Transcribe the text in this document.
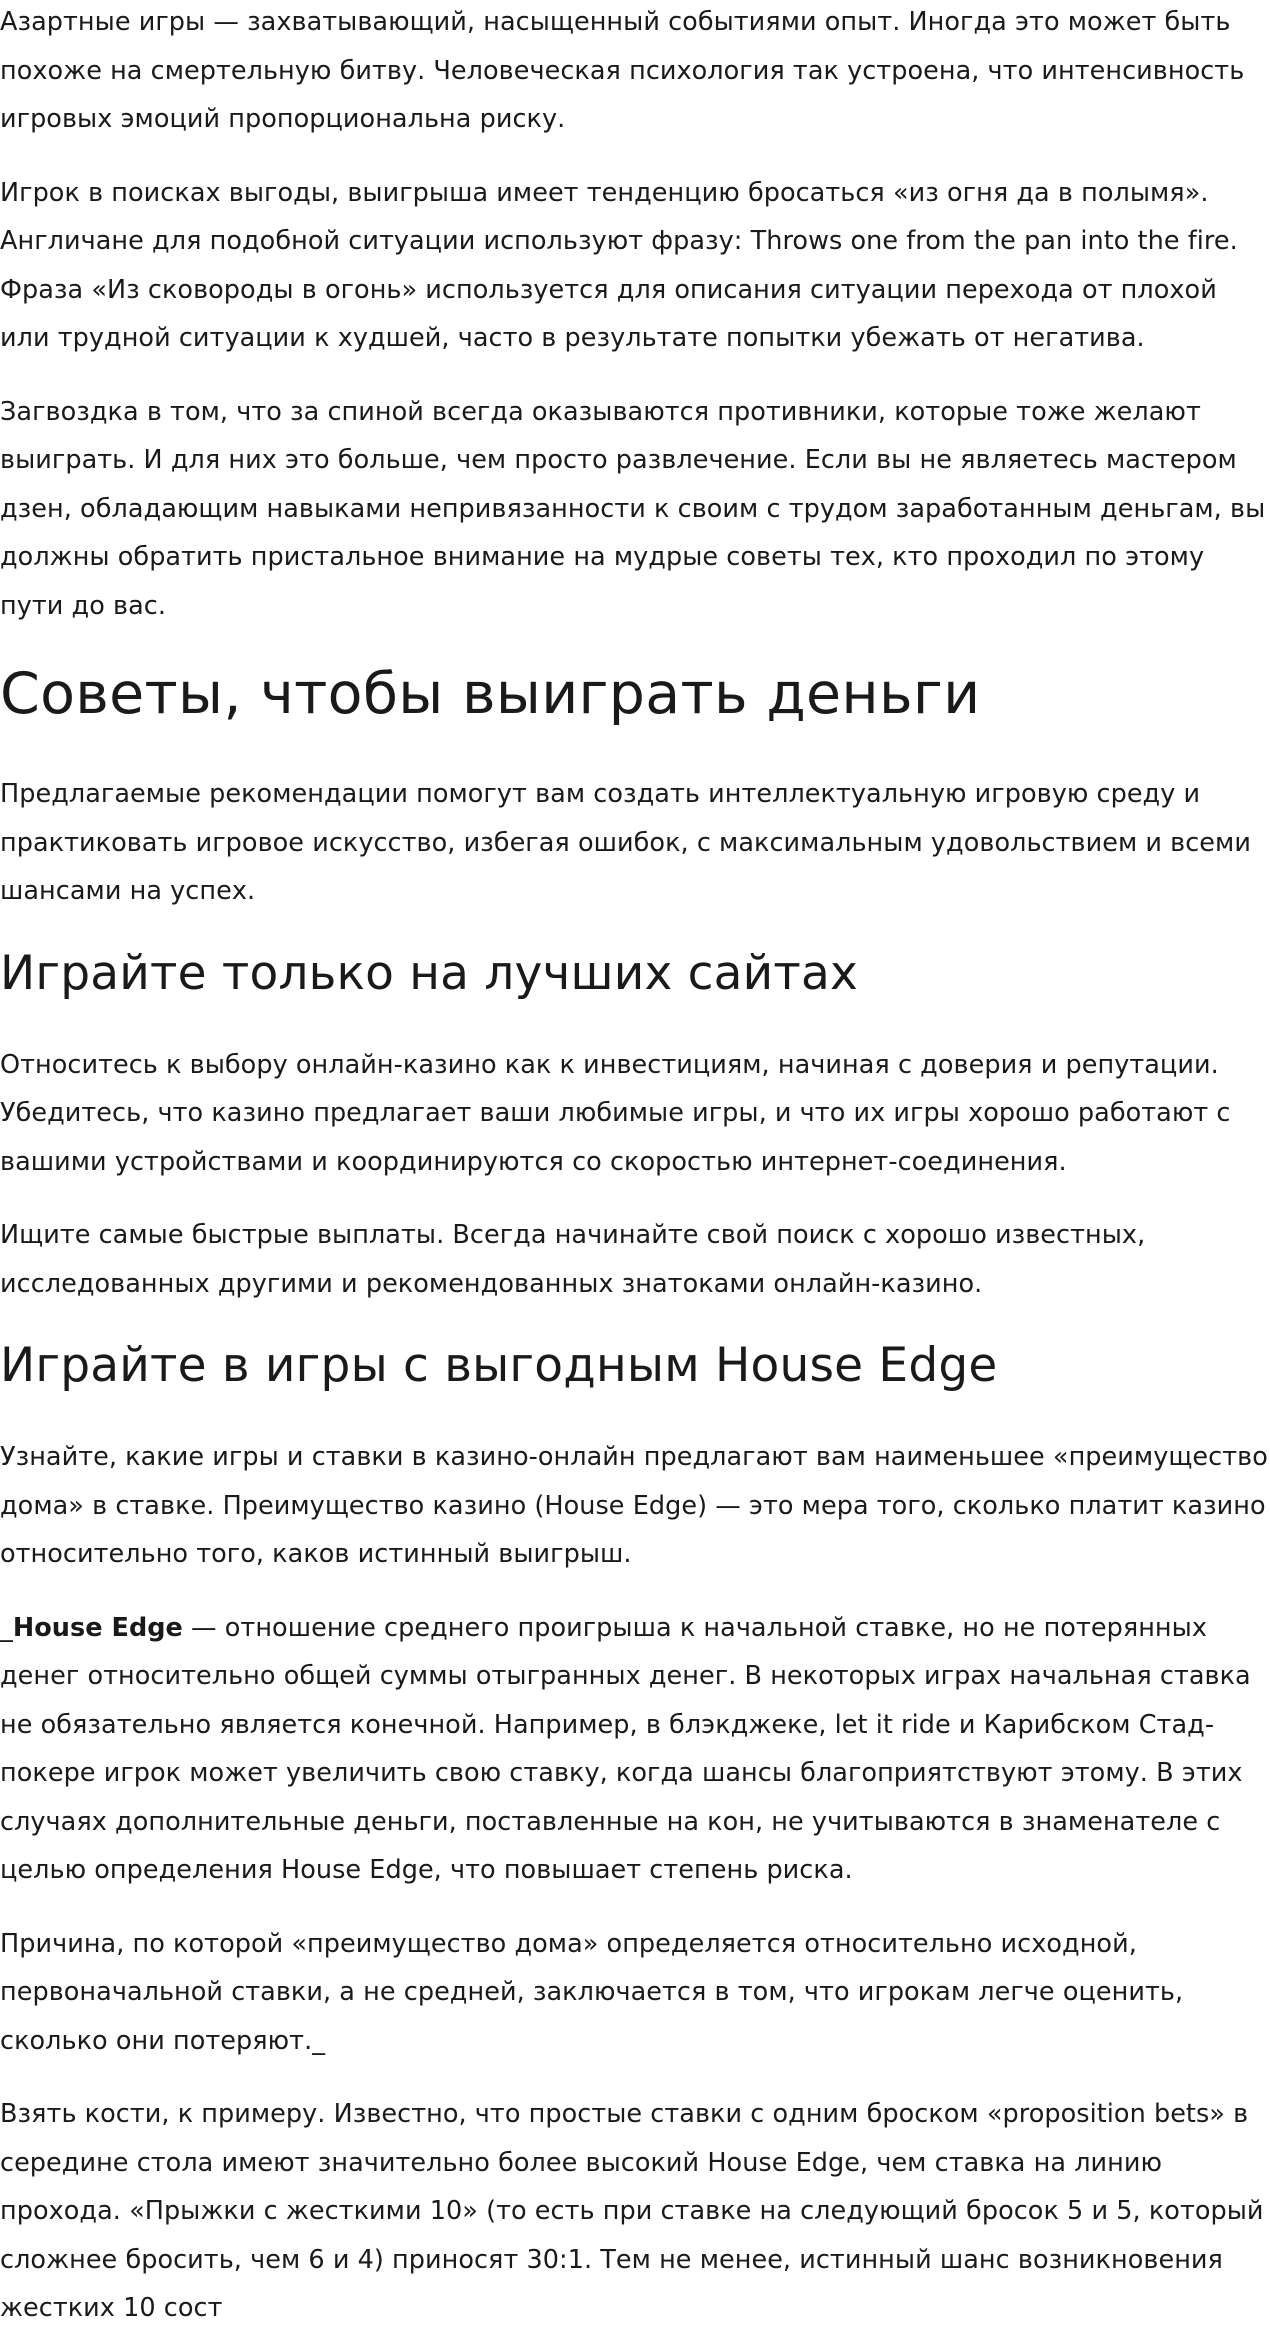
Азартные игры — захватывающий, насыщенный событиями опыт. Иногда это может быть похоже на смертельную битву. Человеческая психология так устроена, что интенсивность игровых эмоций пропорциональна риску.

Игрок в поисках выгоды, выигрыша имеет тенденцию бросаться «из огня да в полымя». Англичане для подобной ситуации используют фразу: Throws one from the pan into the fire. Фраза «Из сковороды в огонь» используется для описания ситуации перехода от плохой или трудной ситуации к худшей, часто в результате попытки убежать от негатива.

Загвоздка в том, что за спиной всегда оказываются противники, которые тоже желают выиграть. И для них это больше, чем просто развлечение. Если вы не являетесь мастером дзен, обладающим навыками непривязанности к своим с трудом заработанным деньгам, вы должны обратить пристальное внимание на мудрые советы тех, кто проходил по этому пути до вас.

Советы, чтобы выиграть деньги

Предлагаемые рекомендации помогут вам создать интеллектуальную игровую среду и практиковать игровое искусство, избегая ошибок, с максимальным удовольствием и всеми шансами на успех.

Играйте только на лучших сайтах

Относитесь к выбору онлайн-казино как к инвестициям, начиная с доверия и репутации. Убедитесь, что казино предлагает ваши любимые игры, и что их игры хорошо работают с вашими устройствами и координируются со скоростью интернет-соединения.

Ищите самые быстрые выплаты. Всегда начинайте свой поиск с хорошо известных, исследованных другими и рекомендованных знатоками онлайн-казино.

Играйте в игры с выгодным House Edge

Узнайте, какие игры и ставки в казино-онлайн предлагают вам наименьшее «преимущество дома» в ставке. Преимущество казино (House Edge) — это мера того, сколько платит казино относительно того, каков истинный выигрыш.

_House Edge — отношение среднего проигрыша к начальной ставке, но не потерянных денег относительно общей суммы отыгранных денег. В некоторых играх начальная ставка не обязательно является конечной. Например, в блэкджеке, let it ride и Карибском Стад-покере игрок может увеличить свою ставку, когда шансы благоприятствуют этому. В этих случаях дополнительные деньги, поставленные на кон, не учитываются в знаменателе с целью определения House Edge, что повышает степень риска.

Причина, по которой «преимущество дома» определяется относительно исходной, первоначальной ставки, а не средней, заключается в том, что игрокам легче оценить, сколько они потеряют._

Взять кости, к примеру. Известно, что простые ставки с одним броском «proposition bets» в середине стола имеют значительно более высокий House Edge, чем ставка на линию прохода. «Прыжки с жесткими 10» (то есть при ставке на следующий бросок 5 и 5, который сложнее бросить, чем 6 и 4) приносят 30:1. Тем не менее, истинный шанс возникновения жестких 10 сост
